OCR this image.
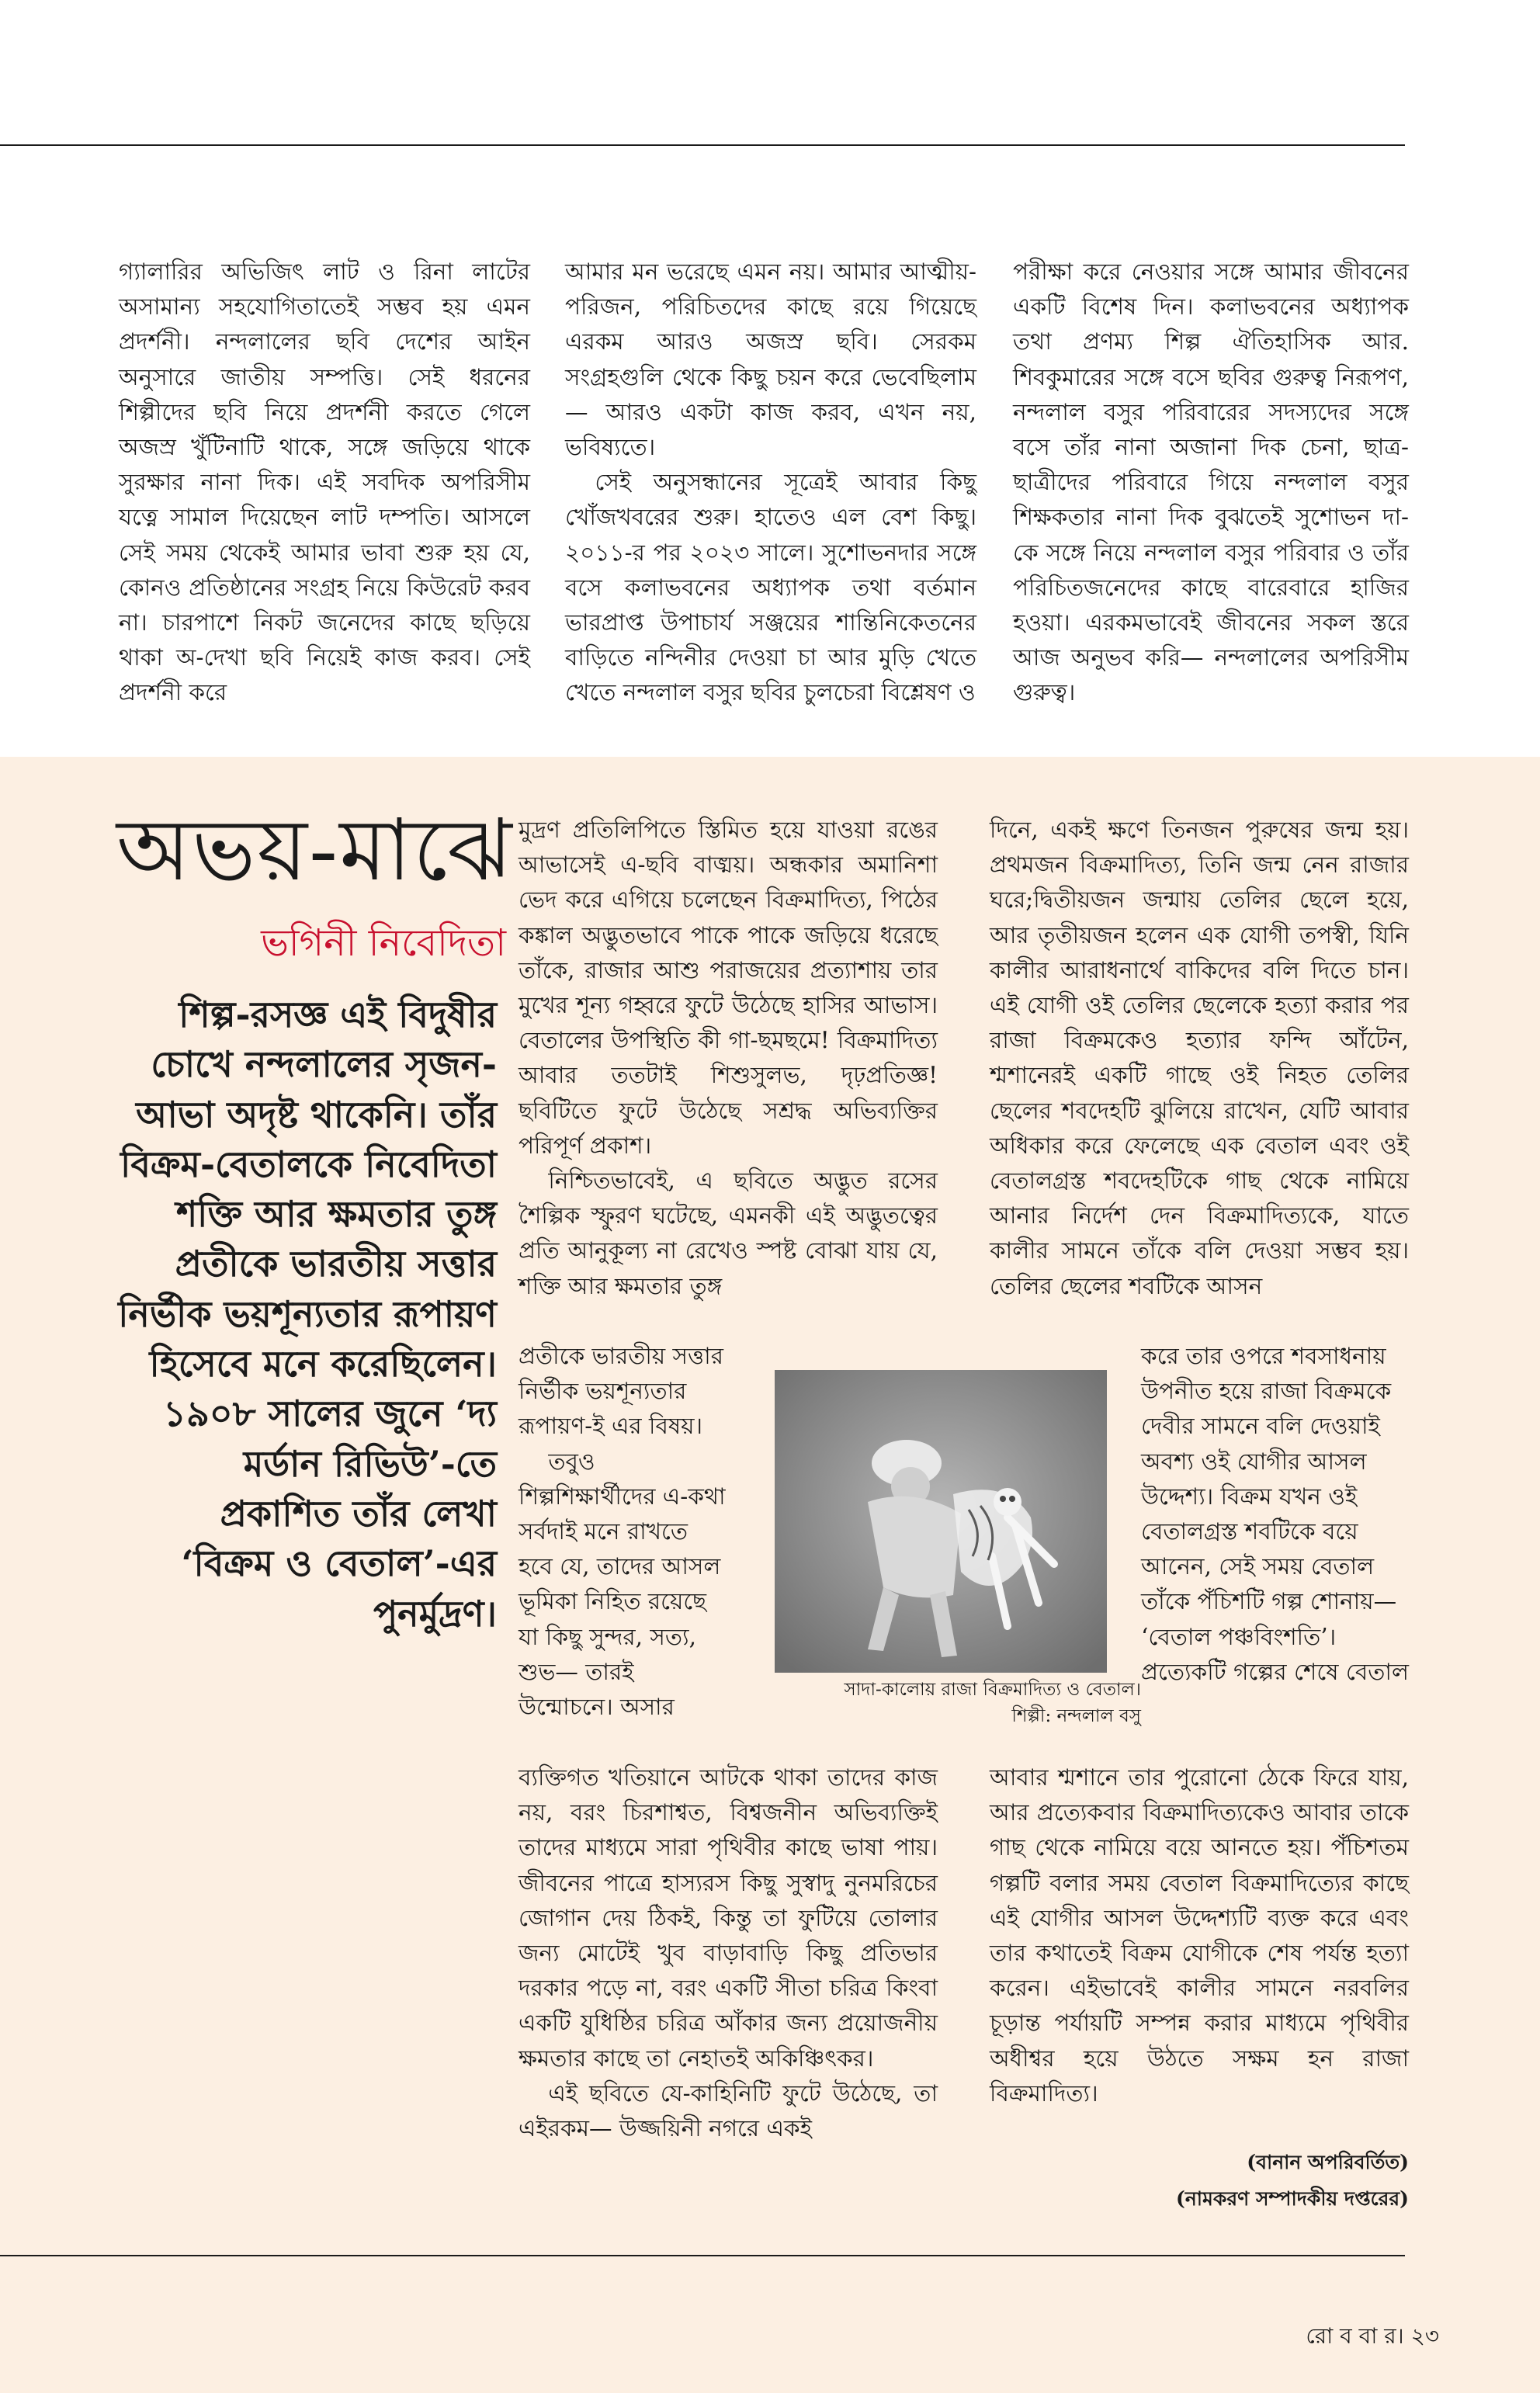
গ্যালারির অভিজিৎ লাট ও রিনা লাটের অসামান্য সহযোগিতাতেই সম্ভব হয় এমন প্রদর্শনী। নন্দলালের ছবি দেশের আইন অনুসারে জাতীয় সম্পত্তি। সেই ধরনের শিল্পীদের ছবি নিয়ে প্রদর্শনী করতে গেলে অজস্র খুঁটিনাটি থাকে, সঙ্গে জড়িয়ে থাকে সুরক্ষার নানা দিক। এই সবদিক অপরিসীম যত্নে সামাল দিয়েছেন লাট দম্পতি। আসলে সেই সময় থেকেই আমার ভাবা শুরু হয় যে, কোনও প্রতিষ্ঠানের সংগ্রহ নিয়ে কিউরেট করব না। চারপাশে নিকট জনেদের কাছে ছড়িয়ে থাকা অ-দেখা ছবি নিয়েই কাজ করব। সেই প্রদর্শনী করে

আমার মন ভরেছে এমন নয়। আমার আত্মীয়-পরিজন, পরিচিতদের কাছে রয়ে গিয়েছে এরকম আরও অজস্র ছবি। সেরকম সংগ্রহগুলি থেকে কিছু চয়ন করে ভেবেছিলাম— আরও একটা কাজ করব, এখন নয়, ভবিষ্যতে।

সেই অনুসন্ধানের সূত্রেই আবার কিছু খোঁজখবরের শুরু। হাতেও এল বেশ কিছু। ২০১১-র পর ২০২৩ সালে। সুশোভনদার সঙ্গে বসে কলাভবনের অধ্যাপক তথা বর্তমান ভারপ্রাপ্ত উপাচার্য সঞ্জয়ের শান্তিনিকেতনের বাড়িতে নন্দিনীর দেওয়া চা আর মুড়ি খেতে খেতে নন্দলাল বসুর ছবির চুলচেরা বিশ্লেষণ ও

পরীক্ষা করে নেওয়ার সঙ্গে আমার জীবনের একটি বিশেষ দিন। কলাভবনের অধ্যাপক তথা প্রণম্য শিল্প ঐতিহাসিক আর. শিবকুমারের সঙ্গে বসে ছবির গুরুত্ব নিরূপণ, নন্দলাল বসুর পরিবারের সদস্যদের সঙ্গে বসে তাঁর নানা অজানা দিক চেনা, ছাত্র-ছাত্রীদের পরিবারে গিয়ে নন্দলাল বসুর শিক্ষকতার নানা দিক বুঝতেই সুশোভন দা-কে সঙ্গে নিয়ে নন্দলাল বসুর পরিবার ও তাঁর পরিচিতজনেদের কাছে বারেবারে হাজির হওয়া। এরকমভাবেই জীবনের সকল স্তরে আজ অনুভব করি— নন্দলালের অপরিসীম গুরুত্ব।

অভয়-মাঝে
ভগিনী নিবেদিতা
শিল্প-রসজ্ঞ এই বিদুষীর চোখে নন্দলালের সৃজন-আভা অদৃষ্ট থাকেনি। তাঁর বিক্রম-বেতালকে নিবেদিতা শক্তি আর ক্ষমতার তুঙ্গ প্রতীকে ভারতীয় সত্তার নির্ভীক ভয়শূন্যতার রূপায়ণ হিসেবে মনে করেছিলেন। ১৯০৮ সালের জুনে ‘দ্য মর্ডান রিভিউ’-তে প্রকাশিত তাঁর লেখা ‘বিক্রম ও বেতাল’-এর পুনর্মুদ্রণ।

মুদ্রণ প্রতিলিপিতে স্তিমিত হয়ে যাওয়া রঙের আভাসেই এ-ছবি বাঙ্ময়। অন্ধকার অমানিশা ভেদ করে এগিয়ে চলেছেন বিক্রমাদিত্য, পিঠের কঙ্কাল অদ্ভুতভাবে পাকে পাকে জড়িয়ে ধরেছে তাঁকে, রাজার আশু পরাজয়ের প্রত্যাশায় তার মুখের শূন্য গহ্বরে ফুটে উঠেছে হাসির আভাস। বেতালের উপস্থিতি কী গা-ছমছমে! বিক্রমাদিত্য আবার ততটাই শিশুসুলভ, দৃঢ়প্রতিজ্ঞ! ছবিটিতে ফুটে উঠেছে সশ্রদ্ধ অভিব্যক্তির পরিপূর্ণ প্রকাশ।

নিশ্চিতভাবেই, এ ছবিতে অদ্ভুত রসের শৈল্পিক স্ফুরণ ঘটেছে, এমনকী এই অদ্ভুতত্বের প্রতি আনুকূল্য না রেখেও স্পষ্ট বোঝা যায় যে, শক্তি আর ক্ষমতার তুঙ্গ

প্রতীকে ভারতীয় সত্তার নির্ভীক ভয়শূন্যতার রূপায়ণ-ই এর বিষয়।

তবুও শিল্পশিক্ষার্থীদের এ-কথা সর্বদাই মনে রাখতে হবে যে, তাদের আসল ভূমিকা নিহিত রয়েছে যা কিছু সুন্দর, সত্য, শুভ— তারই উন্মোচনে। অসার

ব্যক্তিগত খতিয়ানে আটকে থাকা তাদের কাজ নয়, বরং চিরশাশ্বত, বিশ্বজনীন অভিব্যক্তিই তাদের মাধ্যমে সারা পৃথিবীর কাছে ভাষা পায়। জীবনের পাত্রে হাস্যরস কিছু সুস্বাদু নুনমরিচের জোগান দেয় ঠিকই, কিন্তু তা ফুটিয়ে তোলার জন্য মোটেই খুব বাড়াবাড়ি কিছু প্রতিভার দরকার পড়ে না, বরং একটি সীতা চরিত্র কিংবা একটি যুধিষ্ঠির চরিত্র আঁকার জন্য প্রয়োজনীয় ক্ষমতার কাছে তা নেহাতই অকিঞ্চিৎকর।

এই ছবিতে যে-কাহিনিটি ফুটে উঠেছে, তা এইরকম— উজ্জয়িনী নগরে একই

সাদা-কালোয় রাজা বিক্রমাদিত্য ও বেতাল। শিল্পী: নন্দলাল বসু

দিনে, একই ক্ষণে তিনজন পুরুষের জন্ম হয়। প্রথমজন বিক্রমাদিত্য, তিনি জন্ম নেন রাজার ঘরে;দ্বিতীয়জন জন্মায় তেলির ছেলে হয়ে, আর তৃতীয়জন হলেন এক যোগী তপস্বী, যিনি কালীর আরাধনার্থে বাকিদের বলি দিতে চান। এই যোগী ওই তেলির ছেলেকে হত্যা করার পর রাজা বিক্রমকেও হত্যার ফন্দি আঁটেন, শ্মশানেরই একটি গাছে ওই নিহত তেলির ছেলের শবদেহটি ঝুলিয়ে রাখেন, যেটি আবার অধিকার করে ফেলেছে এক বেতাল এবং ওই বেতালগ্রস্ত শবদেহটিকে গাছ থেকে নামিয়ে আনার নির্দেশ দেন বিক্রমাদিত্যকে, যাতে কালীর সামনে তাঁকে বলি দেওয়া সম্ভব হয়। তেলির ছেলের শবটিকে আসন

করে তার ওপরে শবসাধনায় উপনীত হয়ে রাজা বিক্রমকে দেবীর সামনে বলি দেওয়াই অবশ্য ওই যোগীর আসল উদ্দেশ্য। বিক্রম যখন ওই বেতালগ্রস্ত শবটিকে বয়ে আনেন, সেই সময় বেতাল তাঁকে পঁচিশটি গল্প শোনায়— ‘বেতাল পঞ্চবিংশতি’। প্রত্যেকটি গল্পের শেষে বেতাল

আবার শ্মশানে তার পুরোনো ঠেকে ফিরে যায়, আর প্রত্যেকবার বিক্রমাদিত্যকেও আবার তাকে গাছ থেকে নামিয়ে বয়ে আনতে হয়। পঁচিশতম গল্পটি বলার সময় বেতাল বিক্রমাদিত্যের কাছে এই যোগীর আসল উদ্দেশ্যটি ব্যক্ত করে এবং তার কথাতেই বিক্রম যোগীকে শেষ পর্যন্ত হত্যা করেন। এইভাবেই কালীর সামনে নরবলির চূড়ান্ত পর্যায়টি সম্পন্ন করার মাধ্যমে পৃথিবীর অধীশ্বর হয়ে উঠতে সক্ষম হন রাজা বিক্রমাদিত্য।

(বানান অপরিবর্তিত)
(নামকরণ সম্পাদকীয় দপ্তরের)
রো ব বা র। ২৩
